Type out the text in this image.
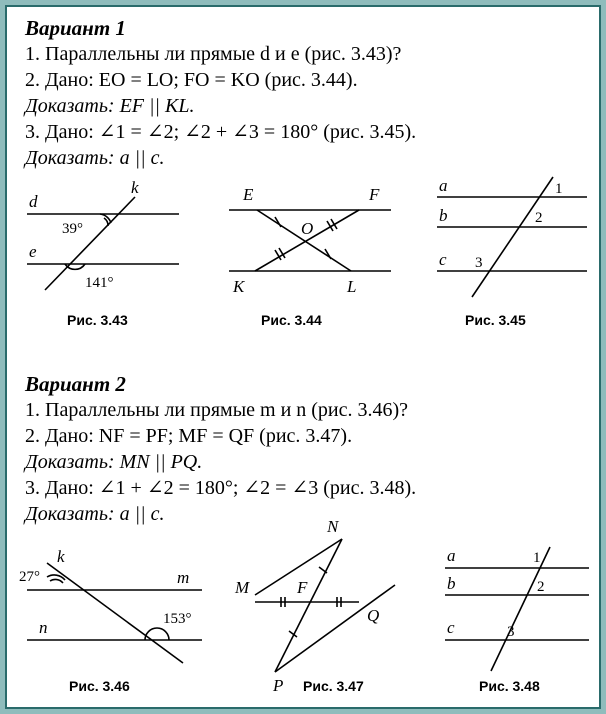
Вариант 1
1. Параллельны ли прямые d и e (рис. 3.43)?
2. Дано: EO = LO; FO = KO (рис. 3.44).
Доказать: EF || KL.
3. Дано: ∠1 = ∠2; ∠2 + ∠3 = 180° (рис. 3.45).
Доказать: a || c.
Вариант 2
1. Параллельны ли прямые m и n (рис. 3.46)?
2. Дано: NF = PF; MF = QF (рис. 3.47).
Доказать: MN || PQ.
3. Дано: ∠1 + ∠2 = 180°; ∠2 = ∠3 (рис. 3.48).
Доказать: a || c.
d
e
k
39°
141°
Рис. 3.43
E	F
O
K	L
Рис. 3.44
a
b
c
1
2
3
Рис. 3.45
k
27°	m
n	153°
Рис. 3.46
N
M	F
Q
P Рис. 3.47
a
b
c
1
2
3
Рис. 3.48
